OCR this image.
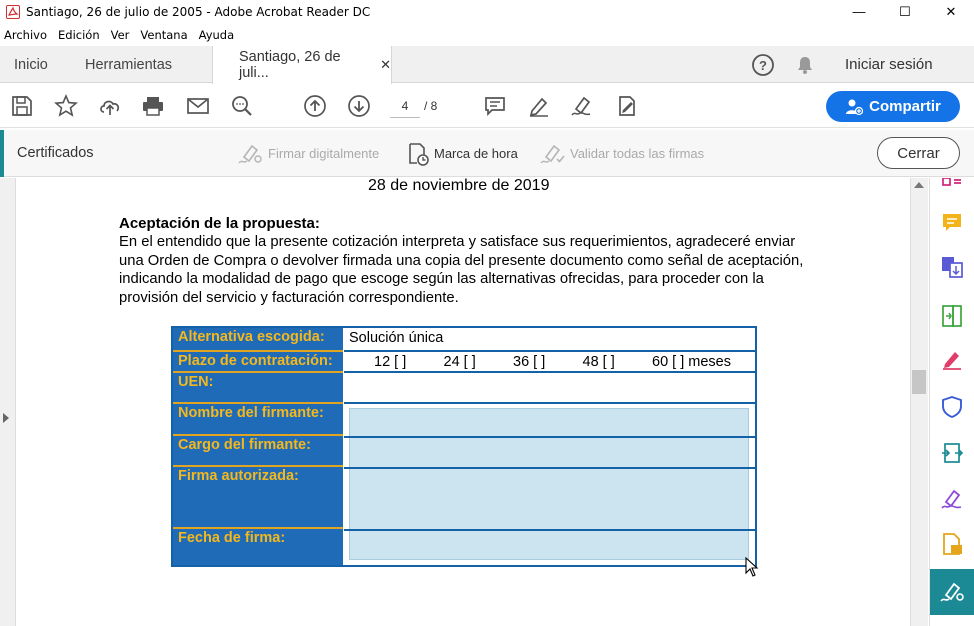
Santiago, 26 de julio de 2005 - Adobe Acrobat Reader DC	—	☐	✕
Archivo Edición Ver Ventana Ayuda
Inicio	Herramientas	Santiago, 26 de juli...
✕	?	Iniciar sesión
4	/ 8	Compartir
Certificados	Firmar digitalmente	Marca de hora	Validar todas las firmas	Cerrar
28 de noviembre de 2019
Aceptación de la propuesta:
En el entendido que la presente cotización interpreta y satisface sus requerimientos, agradeceré enviar una Orden de Compra o devolver firmada una copia del presente documento como señal de aceptación, indicando la modalidad de pago que escoge según las alternativas ofrecidas, para proceder con la provisión del servicio y facturación correspondiente.
Alternativa escogida:	Solución única
Plazo de contratación:	12 [ ]	24 [ ]	36 [ ]	48 [ ]	60 [ ] meses
UEN:
Nombre del firmante:
Cargo del firmante:
Firma autorizada:
Fecha de firma:
